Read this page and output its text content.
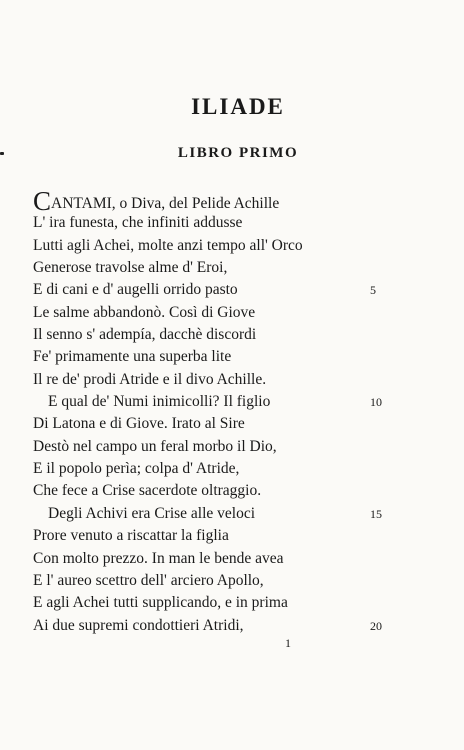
ILIADE
LIBRO PRIMO
CANTAMI, o Diva, del Pelide Achille
L' ira funesta, che infiniti addusse
Lutti agli Achei, molte anzi tempo all' Orco
Generose travolse alme d' Eroi,
E di cani e d' augelli orrido pasto	5
Le salme abbandonò. Così di Giove
Il senno s' adempía, dacchè discordi
Fe' primamente una superba lite
Il re de' prodi Atride e il divo Achille.
E qual de' Numi inimicolli? Il figlio	10
Di Latona e di Giove. Irato al Sire
Destò nel campo un feral morbo il Dio,
E il popolo perìa; colpa d' Atride,
Che fece a Crise sacerdote oltraggio.
Degli Achivi era Crise alle veloci	15
Prore venuto a riscattar la figlia
Con molto prezzo. In man le bende avea
E l' aureo scettro dell' arciero Apollo,
E agli Achei tutti supplicando, e in prima
Ai due supremi condottieri Atridi,	20
1
